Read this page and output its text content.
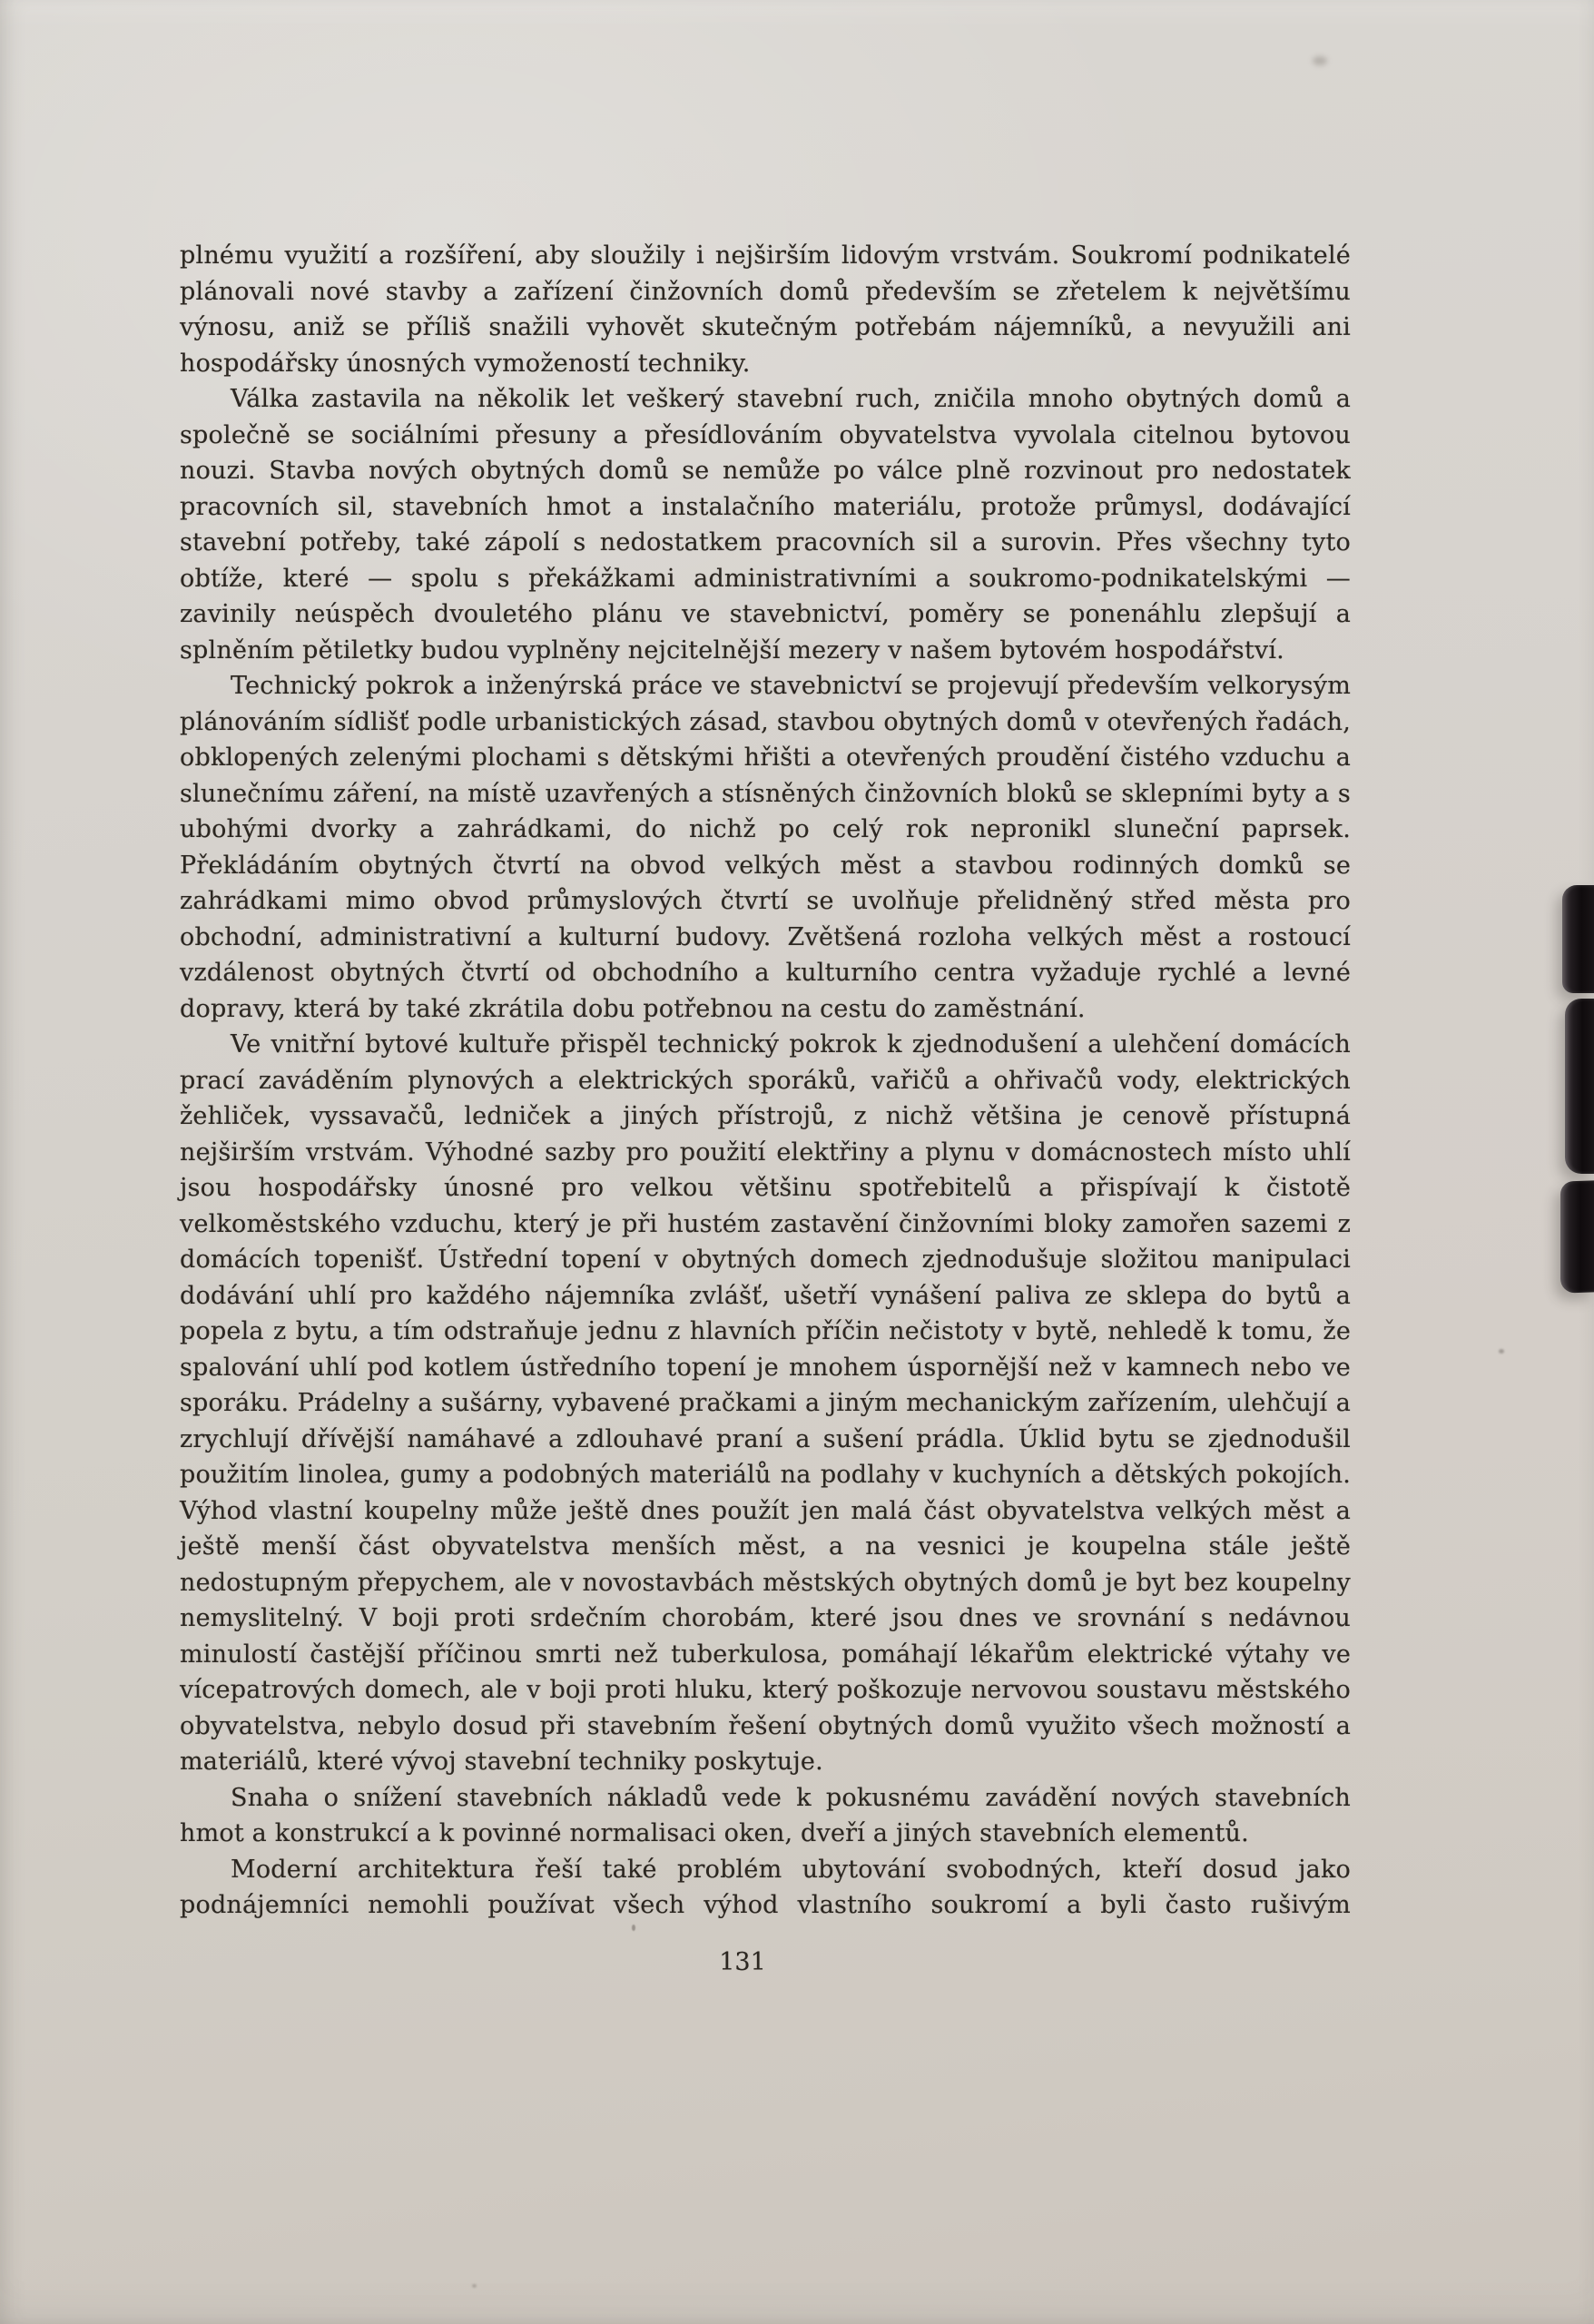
plnému využití a rozšíření, aby sloužily i nejširším lidovým vrstvám. Soukromí podnikatelé plánovali nové stavby a zařízení činžovních domů především se zřetelem k největšímu výnosu, aniž se příliš snažili vyhovět skutečným potřebám nájemníků, a nevyužili ani hospodářsky únosných vymožeností techniky.

Válka zastavila na několik let veškerý stavební ruch, zničila mnoho obytných domů a společně se sociálními přesuny a přesídlováním obyvatelstva vyvolala citelnou bytovou nouzi. Stavba nových obytných domů se nemůže po válce plně rozvinout pro nedostatek pracovních sil, stavebních hmot a instalačního materiálu, protože průmysl, dodávající stavební potřeby, také zápolí s nedostatkem pracovních sil a surovin. Přes všechny tyto obtíže, které — spolu s překážkami administrativními a soukromo-podnikatelskými — zavinily neúspěch dvouletého plánu ve stavebnictví, poměry se ponenáhlu zlepšují a splněním pětiletky budou vyplněny nejcitelnější mezery v našem bytovém hospodářství.

Technický pokrok a inženýrská práce ve stavebnictví se projevují především velkorysým plánováním sídlišť podle urbanistických zásad, stavbou obytných domů v otevřených řadách, obklopených zelenými plochami s dětskými hřišti a otevřených proudění čistého vzduchu a slunečnímu záření, na místě uzavřených a stísněných činžovních bloků se sklepními byty a s ubohými dvorky a zahrádkami, do nichž po celý rok nepronikl sluneční paprsek. Překládáním obytných čtvrtí na obvod velkých měst a stavbou rodinných domků se zahrádkami mimo obvod průmyslových čtvrtí se uvolňuje přelidněný střed města pro obchodní, administrativní a kulturní budovy. Zvětšená rozloha velkých měst a rostoucí vzdálenost obytných čtvrtí od obchodního a kulturního centra vyžaduje rychlé a levné dopravy, která by také zkrátila dobu potřebnou na cestu do zaměstnání.

Ve vnitřní bytové kultuře přispěl technický pokrok k zjednodušení a ulehčení domácích prací zaváděním plynových a elektrických sporáků, vařičů a ohřivačů vody, elektrických žehliček, vyssavačů, ledniček a jiných přístrojů, z nichž většina je cenově přístupná nejširším vrstvám. Výhodné sazby pro použití elektřiny a plynu v domácnostech místo uhlí jsou hospodářsky únosné pro velkou většinu spotřebitelů a přispívají k čistotě velkoměstského vzduchu, který je při hustém zastavění činžovními bloky zamořen sazemi z domácích topenišť. Ústřední topení v obytných domech zjednodušuje složitou manipulaci dodávání uhlí pro každého nájemníka zvlášť, ušetří vynášení paliva ze sklepa do bytů a popela z bytu, a tím odstraňuje jednu z hlavních příčin nečistoty v bytě, nehledě k tomu, že spalování uhlí pod kotlem ústředního topení je mnohem úspornější než v kamnech nebo ve sporáku. Prádelny a sušárny, vybavené pračkami a jiným mechanickým zařízením, ulehčují a zrychlují dřívější namáhavé a zdlouhavé praní a sušení prádla. Úklid bytu se zjednodušil použitím linolea, gumy a podobných materiálů na podlahy v kuchyních a dětských pokojích. Výhod vlastní koupelny může ještě dnes použít jen malá část obyvatelstva velkých měst a ještě menší část obyvatelstva menších měst, a na vesnici je koupelna stále ještě nedostupným přepychem, ale v novostavbách městských obytných domů je byt bez koupelny nemyslitelný. V boji proti srdečním chorobám, které jsou dnes ve srovnání s nedávnou minulostí častější příčinou smrti než tuberkulosa, pomáhají lékařům elektrické výtahy ve vícepatrových domech, ale v boji proti hluku, který poškozuje nervovou soustavu městského obyvatelstva, nebylo dosud při stavebním řešení obytných domů využito všech možností a materiálů, které vývoj stavební techniky poskytuje.

Snaha o snížení stavebních nákladů vede k pokusnému zavádění nových stavebních hmot a konstrukcí a k povinné normalisaci oken, dveří a jiných stavebních elementů.

Moderní architektura řeší také problém ubytování svobodných, kteří dosud jako podnájemníci nemohli používat všech výhod vlastního soukromí a byli často rušivým

131
